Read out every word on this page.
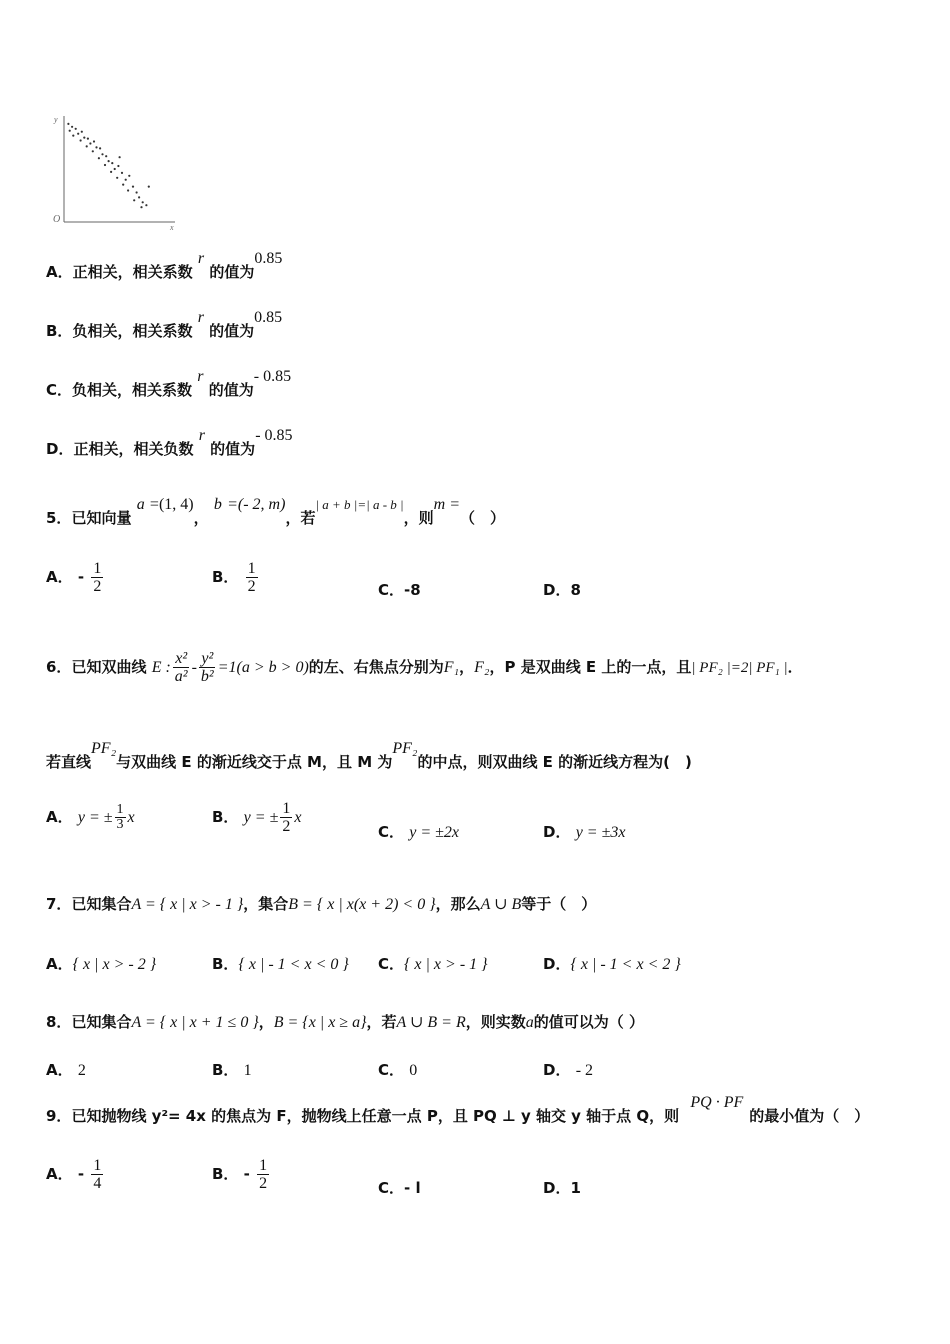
y
x
O
A．正相关，相关系数 r 的值为0.85
B．负相关，相关系数 r 的值为0.85
C．负相关，相关系数 r 的值为- 0.85
D．正相关，相关负数 r 的值为- 0.85
5．已知向量 a =(1, 4)， b =(- 2, m)，若| a + b |=| a - b |，则m =（　）
A． - $\frac{1}{2}$	B． $\frac{1}{2}$	C．-8	D．8
6．已知双曲线 E : $\frac{\text{x²}}{\text{a²}} - \frac{\text{y²}}{\text{b²}} =1(a > b > 0)$的左、右焦点分别为F₁，F₂，P 是双曲线 E 上的一点，且| PF₂ |=2| PF₁ |．
若直线PF₂与双曲线 E 的渐近线交于点 M，且 M 为PF₂的中点，则双曲线 E 的渐近线方程为(　)
A． y = ± $\frac{1}{3}$ x	B． y = ± $\frac{1}{2}$ x
C． y = ±2x	D． y = ±3x
7．已知集合A = { x | x > - 1 }，集合B = { x | x(x + 2) < 0 }，那么A ∪ B等于（　）
A．{ x | x > - 2 }	B．{ x | - 1 < x < 0 } C．{ x | x > - 1 }	D．{ x | - 1 < x < 2 }
8．已知集合A = { x | x + 1 ≤ 0 }，B = {x | x ≥ a}，若A ∪ B = R，则实数a的值可以为（ ）
A． 2	B． 1	C． 0	D． - 2
9．已知抛物线 y²= 4x 的焦点为 F，抛物线上任意一点 P，且 PQ ⊥ y 轴交 y 轴于点 Q，则 PQ · PF的最小值为（　）
A． - $\frac{1}{4}$	B． - $\frac{1}{2}$	C．- l	D．1
